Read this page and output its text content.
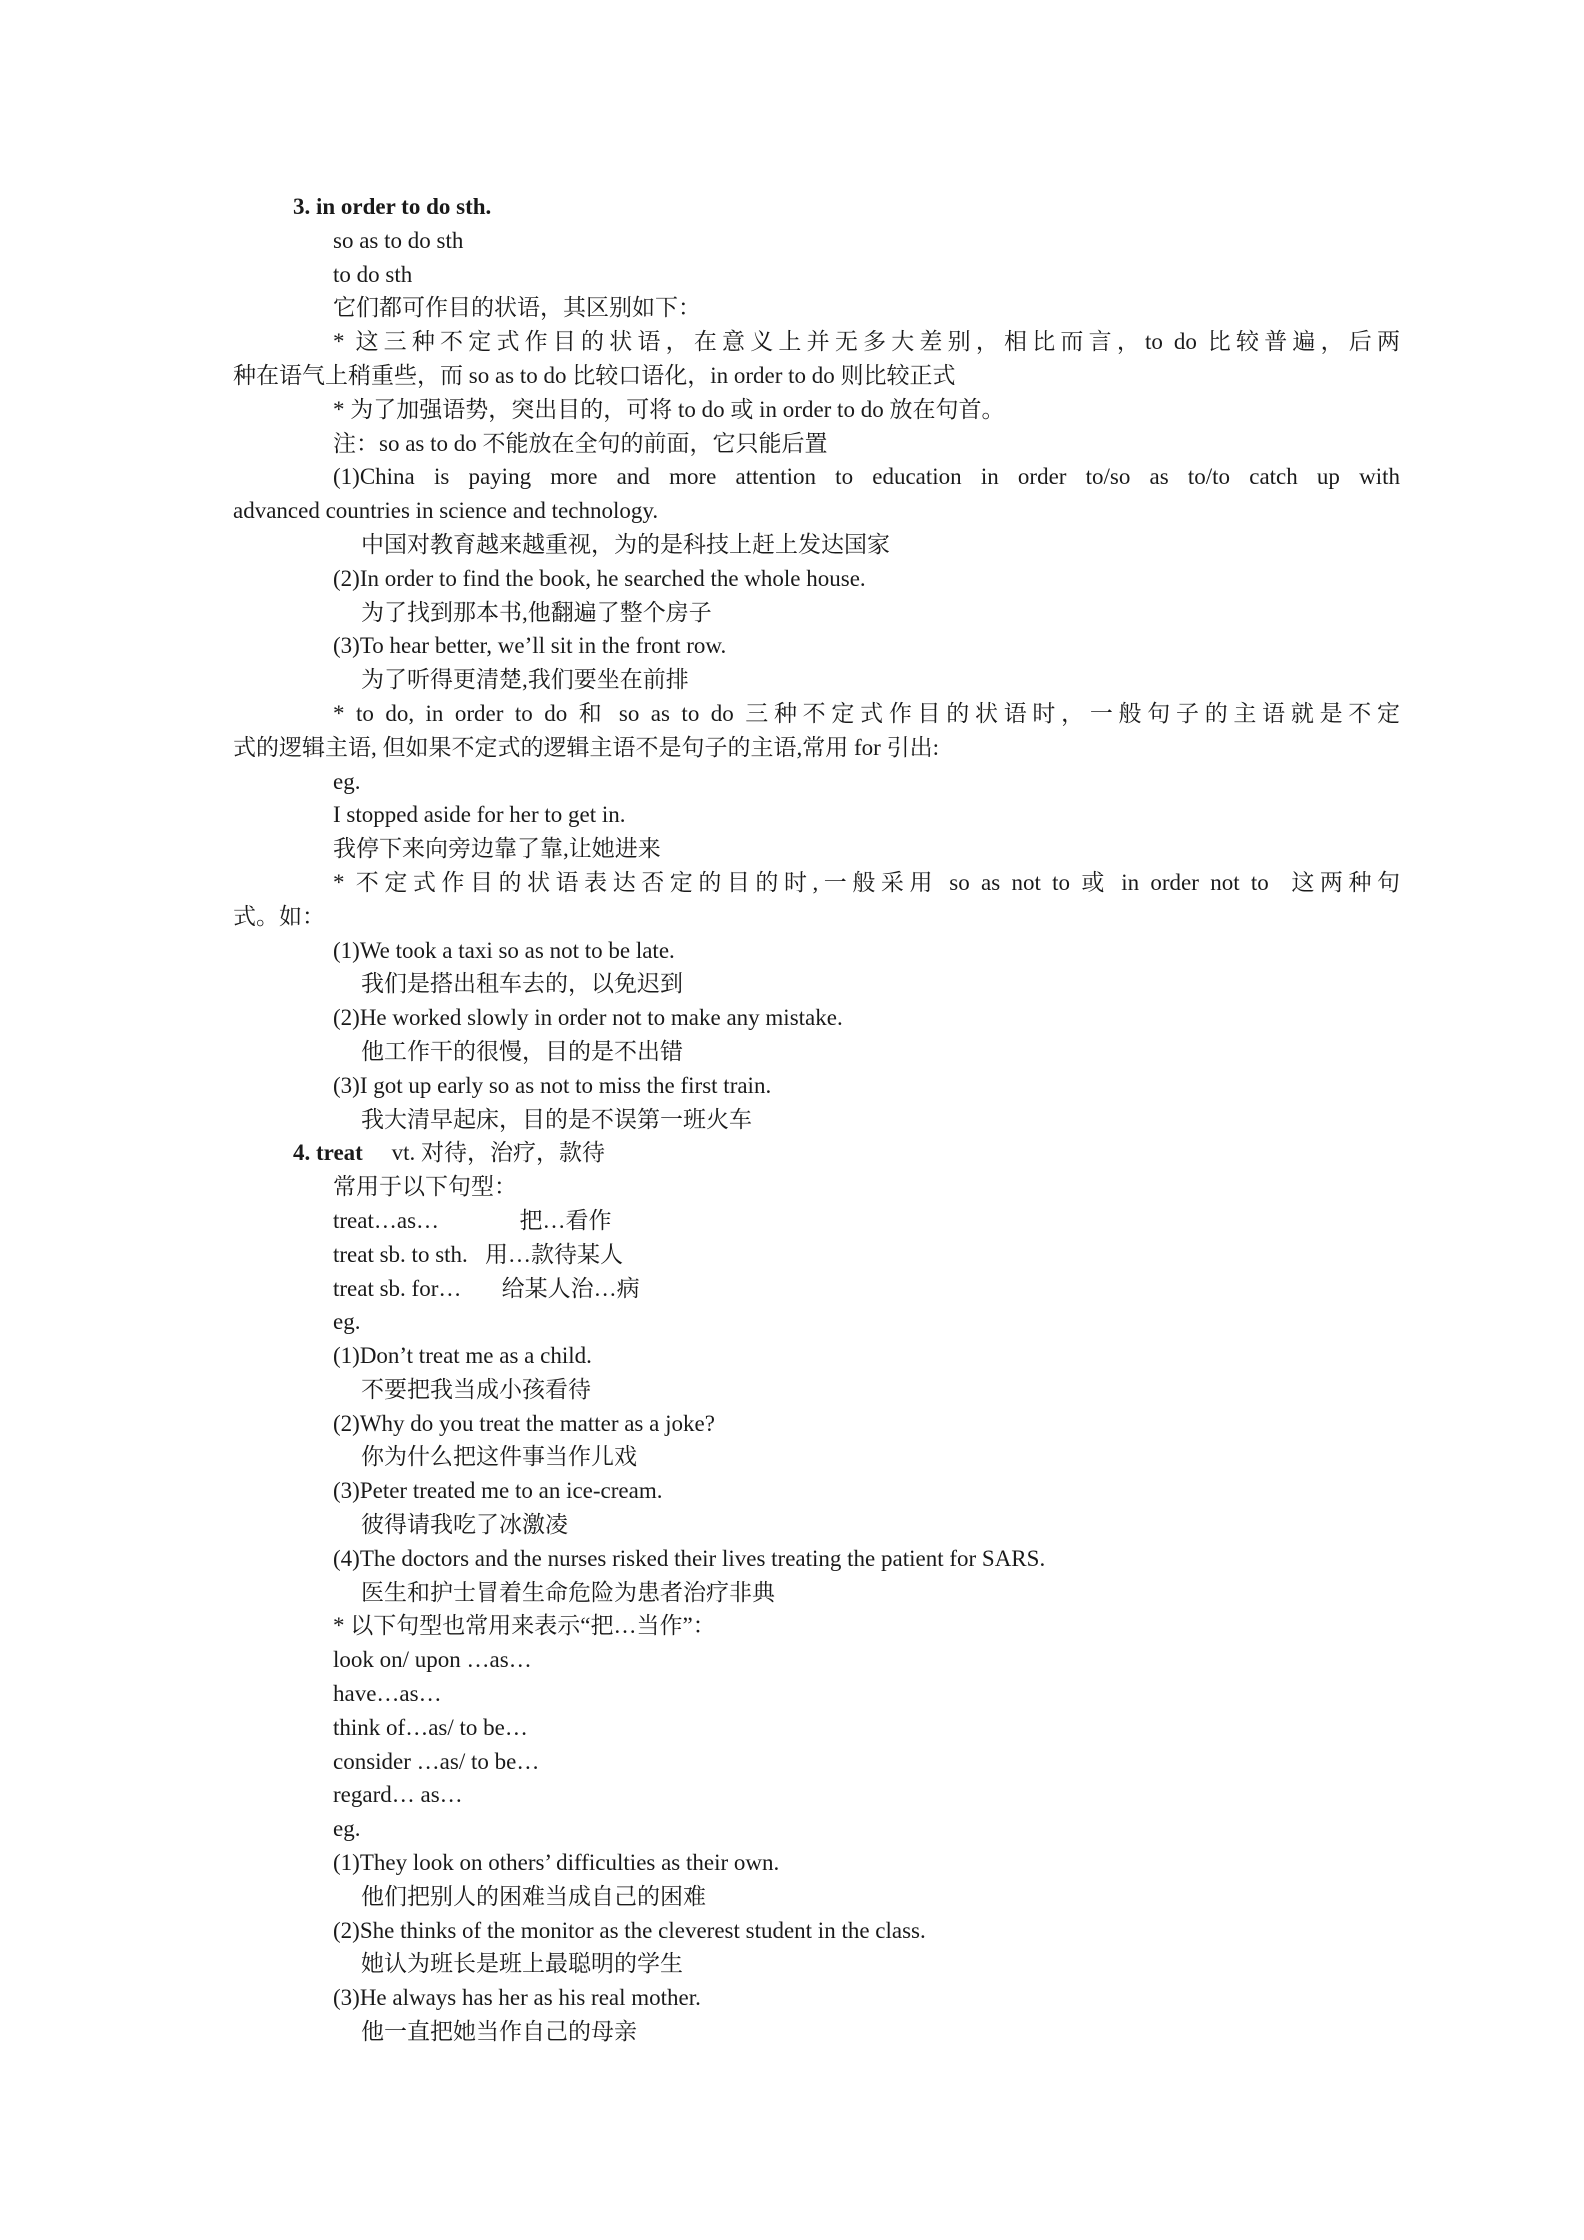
3. in order to do sth.

so as to do sth

to do sth

它们都可作目的状语，其区别如下：

* 这三种不定式作目的状语，在意义上并无多大差别，相比而言，to do 比较普遍，后两

种在语气上稍重些，而 so as to do 比较口语化，in order to do 则比较正式

* 为了加强语势，突出目的，可将 to do 或 in order to do 放在句首。

注：so as to do 不能放在全句的前面，它只能后置

(1)China is paying more and more attention to education in order to/so as to/to catch up with

advanced countries in science and technology.

中国对教育越来越重视，为的是科技上赶上发达国家

(2)In order to find the book, he searched the whole house.

为了找到那本书,他翻遍了整个房子

(3)To hear better, we’ll sit in the front row.

为了听得更清楚,我们要坐在前排

* to do, in order to do 和 so as to do 三种不定式作目的状语时，一般句子的主语就是不定

式的逻辑主语, 但如果不定式的逻辑主语不是句子的主语,常用 for 引出:

eg.

I stopped aside for her to get in.

我停下来向旁边靠了靠,让她进来

* 不定式作目的状语表达否定的目的时,一般采用 so as not to 或 in order not to  这两种句

式。如：

(1)We took a taxi so as not to be late.

我们是搭出租车去的，以免迟到

(2)He worked slowly in order not to make any mistake.

他工作干的很慢，目的是不出错

(3)I got up early so as not to miss the first train.

我大清早起床，目的是不误第一班火车

4. treat     vt. 对待，治疗，款待

常用于以下句型：

treat…as…              把…看作

treat sb. to sth.   用…款待某人

treat sb. for…       给某人治…病

eg.

(1)Don’t treat me as a child.

不要把我当成小孩看待

(2)Why do you treat the matter as a joke?

你为什么把这件事当作儿戏

(3)Peter treated me to an ice-cream.

彼得请我吃了冰激凌

(4)The doctors and the nurses risked their lives treating the patient for SARS.

医生和护士冒着生命危险为患者治疗非典

* 以下句型也常用来表示“把…当作”：

look on/ upon …as…

have…as…

think of…as/ to be…

consider …as/ to be…

regard… as…

eg.

(1)They look on others’ difficulties as their own.

他们把别人的困难当成自己的困难

(2)She thinks of the monitor as the cleverest student in the class.

她认为班长是班上最聪明的学生

(3)He always has her as his real mother.

他一直把她当作自己的母亲
